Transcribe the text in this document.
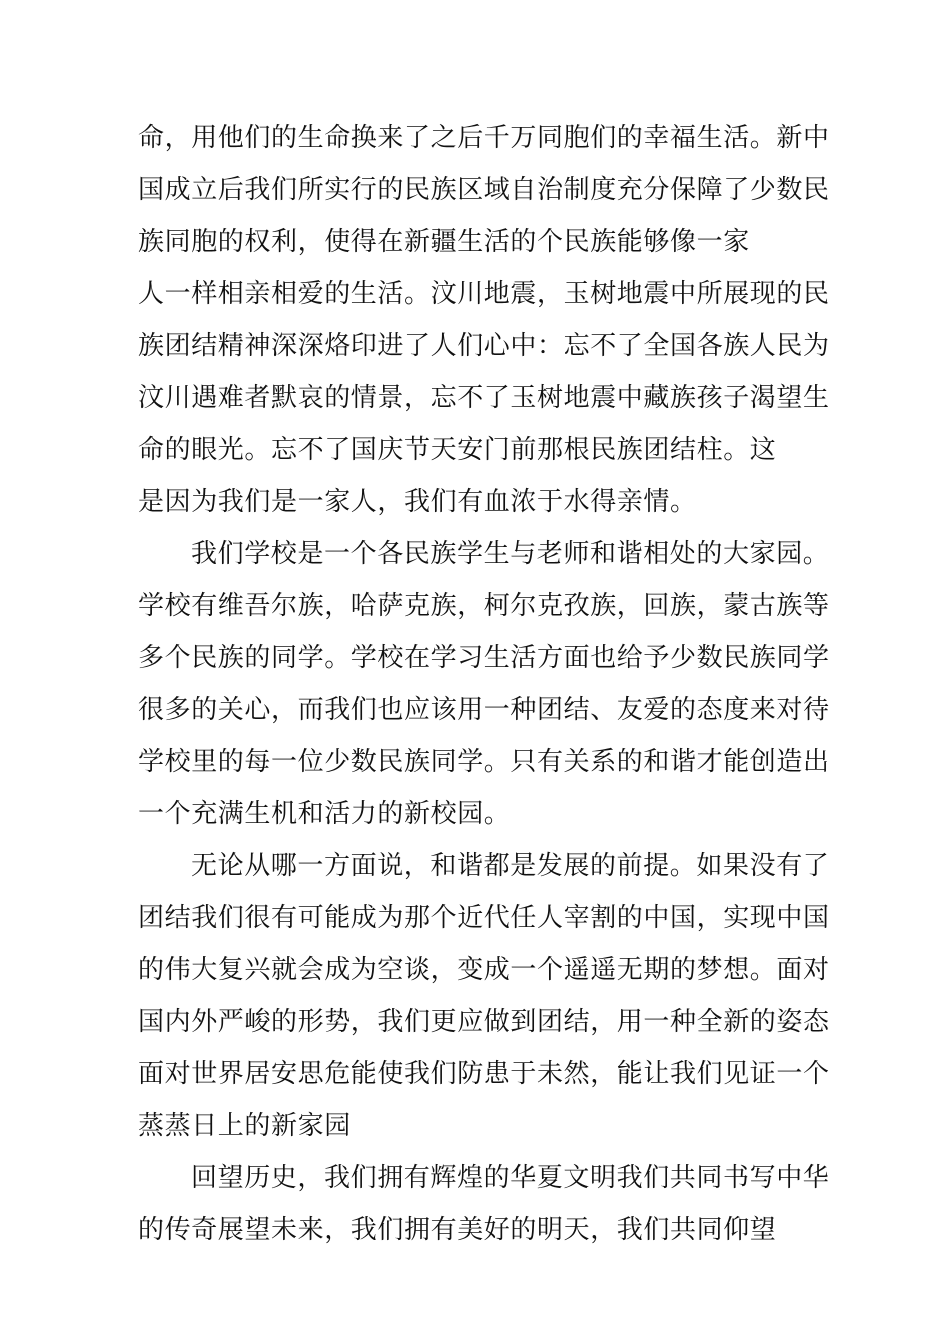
命，用他们的生命换来了之后千万同胞们的幸福生活。新中
国成立后我们所实行的民族区域自治制度充分保障了少数民
族同胞的权利，使得在新疆生活的个民族能够像一家
人一样相亲相爱的生活。汶川地震，玉树地震中所展现的民
族团结精神深深烙印进了人们心中：忘不了全国各族人民为
汶川遇难者默哀的情景，忘不了玉树地震中藏族孩子渴望生
命的眼光。忘不了国庆节天安门前那根民族团结柱。这
是因为我们是一家人，我们有血浓于水得亲情。
我们学校是一个各民族学生与老师和谐相处的大家园。
学校有维吾尔族，哈萨克族，柯尔克孜族，回族，蒙古族等
多个民族的同学。学校在学习生活方面也给予少数民族同学
很多的关心，而我们也应该用一种团结、友爱的态度来对待
学校里的每一位少数民族同学。只有关系的和谐才能创造出
一个充满生机和活力的新校园。
无论从哪一方面说，和谐都是发展的前提。如果没有了
团结我们很有可能成为那个近代任人宰割的中国，实现中国
的伟大复兴就会成为空谈，变成一个遥遥无期的梦想。面对
国内外严峻的形势，我们更应做到团结，用一种全新的姿态
面对世界居安思危能使我们防患于未然，能让我们见证一个
蒸蒸日上的新家园
回望历史，我们拥有辉煌的华夏文明我们共同书写中华
的传奇展望未来，我们拥有美好的明天，我们共同仰望
